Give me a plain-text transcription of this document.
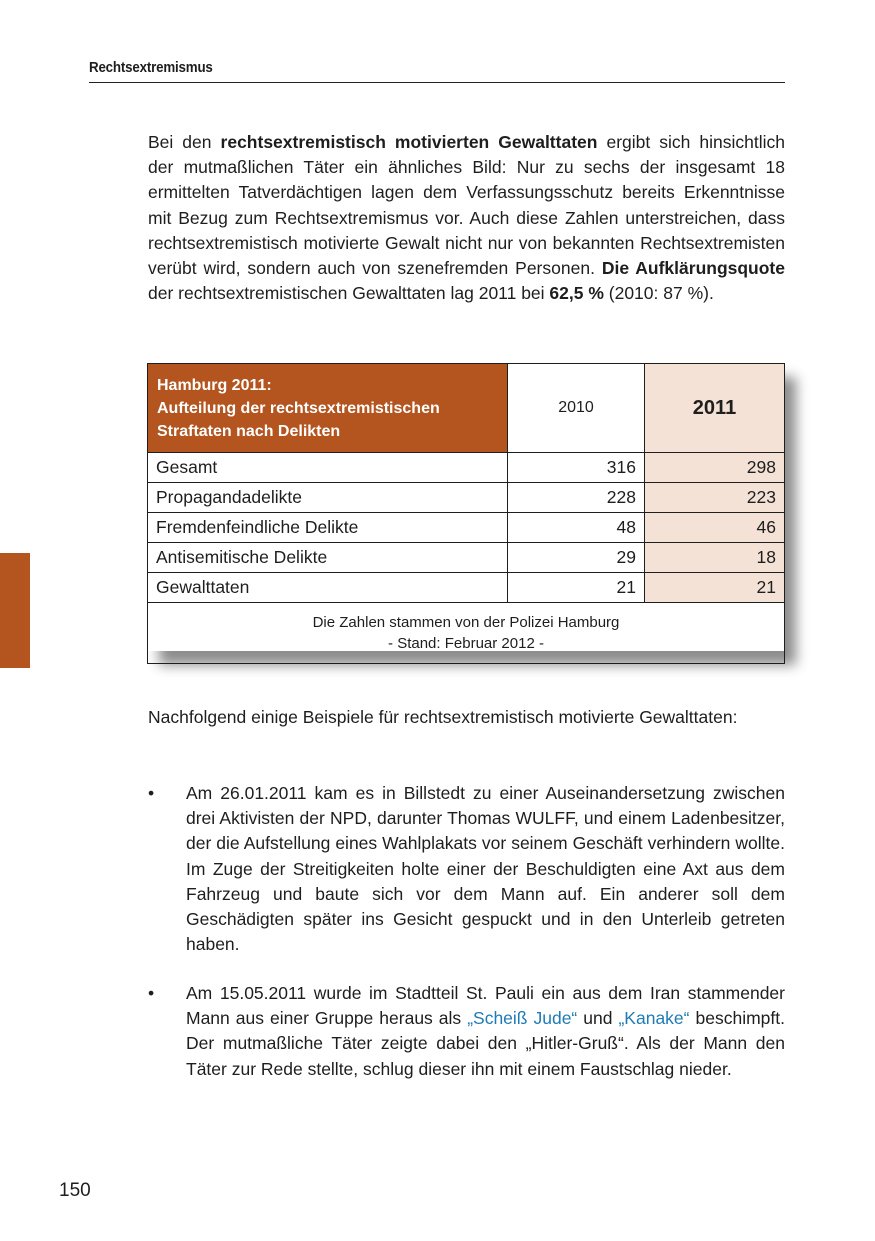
Rechtsextremismus
Bei den rechtsextremistisch motivierten Gewalttaten ergibt sich hinsichtlich der mutmaßlichen Täter ein ähnliches Bild: Nur zu sechs der insgesamt 18 ermittelten Tatverdächtigen lagen dem Verfassungsschutz bereits Erkenntnisse mit Bezug zum Rechtsextremismus vor. Auch diese Zahlen unterstreichen, dass rechtsextremistisch motivierte Gewalt nicht nur von bekannten Rechtsextremisten verübt wird, sondern auch von szenefremden Personen. Die Aufklärungsquote der rechtsextremistischen Gewalttaten lag 2011 bei 62,5 % (2010: 87 %).
Hamburg 2011:
Aufteilung der rechtsextremistischen
Straftaten nach Delikten	2010	2011
Gesamt	316	298
Propagandadelikte	228	223
Fremdenfeindliche Delikte	48	46
Antisemitische Delikte	29	18
Gewalttaten	21	21

Die Zahlen stammen von der Polizei Hamburg
- Stand: Februar 2012 -		
Nachfolgend einige Beispiele für rechtsextremistisch motivierte Gewalttaten:
• Am 26.01.2011 kam es in Billstedt zu einer Auseinandersetzung zwischen drei Aktivisten der NPD, darunter Thomas WULFF, und einem Ladenbesitzer, der die Aufstellung eines Wahlplakats vor seinem Geschäft verhindern wollte. Im Zuge der Streitigkeiten holte einer der Beschuldigten eine Axt aus dem Fahrzeug und baute sich vor dem Mann auf. Ein anderer soll dem Geschädigten später ins Gesicht gespuckt und in den Unterleib getreten haben.
• Am 15.05.2011 wurde im Stadtteil St. Pauli ein aus dem Iran stammender Mann aus einer Gruppe heraus als „Scheiß Jude“ und „Kanake“ beschimpft. Der mutmaßliche Täter zeigte dabei den „Hitler-Gruß“. Als der Mann den Täter zur Rede stellte, schlug dieser ihn mit einem Faustschlag nieder.
150
